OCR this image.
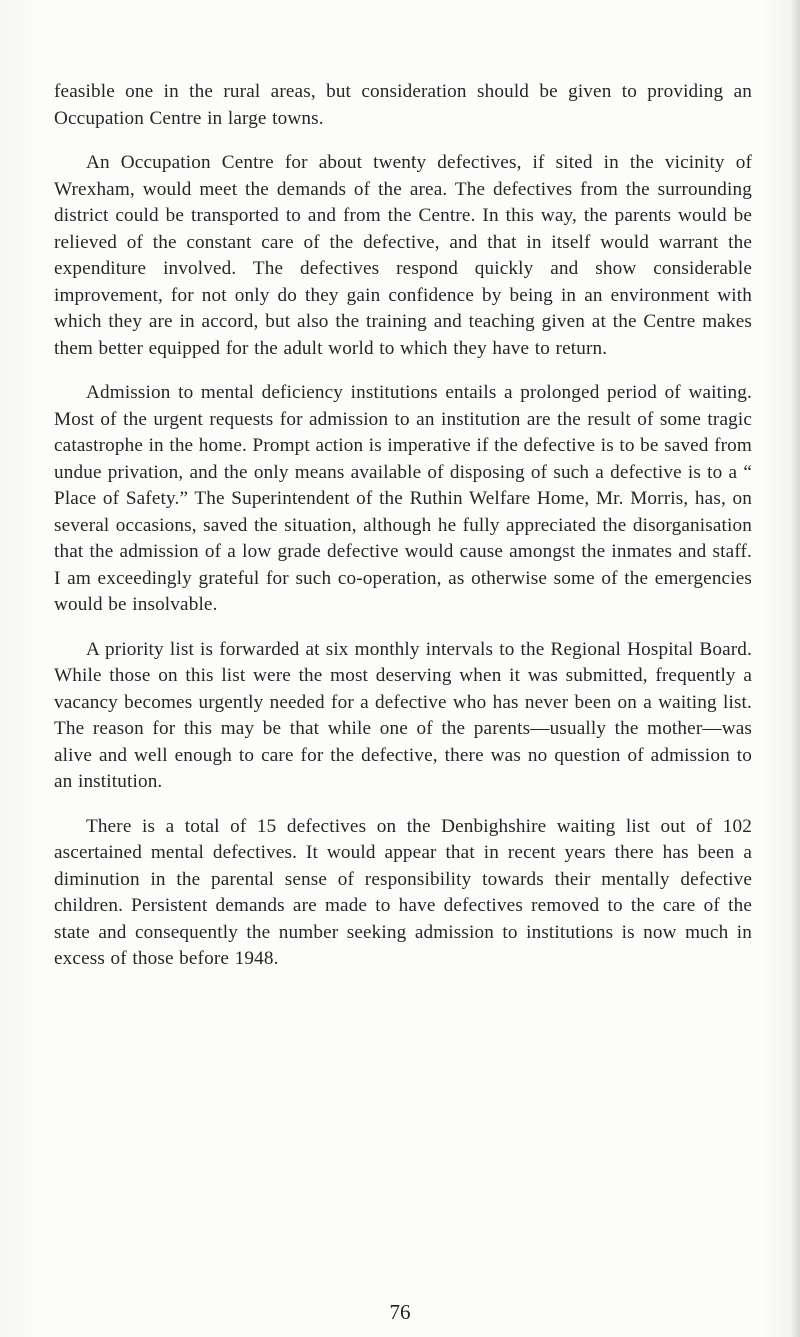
feasible one in the rural areas, but consideration should be given to providing an Occupation Centre in large towns.

An Occupation Centre for about twenty defectives, if sited in the vicinity of Wrexham, would meet the demands of the area. The defectives from the surrounding district could be transported to and from the Centre. In this way, the parents would be relieved of the constant care of the defective, and that in itself would warrant the expenditure involved. The defectives respond quickly and show considerable improvement, for not only do they gain confidence by being in an environment with which they are in accord, but also the training and teaching given at the Centre makes them better equipped for the adult world to which they have to return.

Admission to mental deficiency institutions entails a prolonged period of waiting. Most of the urgent requests for admission to an institution are the result of some tragic catastrophe in the home. Prompt action is imperative if the defective is to be saved from undue privation, and the only means available of disposing of such a defective is to a “ Place of Safety.” The Superintendent of the Ruthin Welfare Home, Mr. Morris, has, on several occasions, saved the situation, although he fully appreciated the disorganisation that the admission of a low grade defective would cause amongst the inmates and staff. I am exceedingly grateful for such co-operation, as otherwise some of the emergencies would be insolvable.

A priority list is forwarded at six monthly intervals to the Regional Hospital Board. While those on this list were the most deserving when it was submitted, frequently a vacancy becomes urgently needed for a defective who has never been on a waiting list. The reason for this may be that while one of the parents—usually the mother—was alive and well enough to care for the defective, there was no question of admission to an institution.

There is a total of 15 defectives on the Denbighshire waiting list out of 102 ascertained mental defectives. It would appear that in recent years there has been a diminution in the parental sense of responsibility towards their mentally defective children. Persistent demands are made to have defectives removed to the care of the state and consequently the number seeking admission to institutions is now much in excess of those before 1948.

76
